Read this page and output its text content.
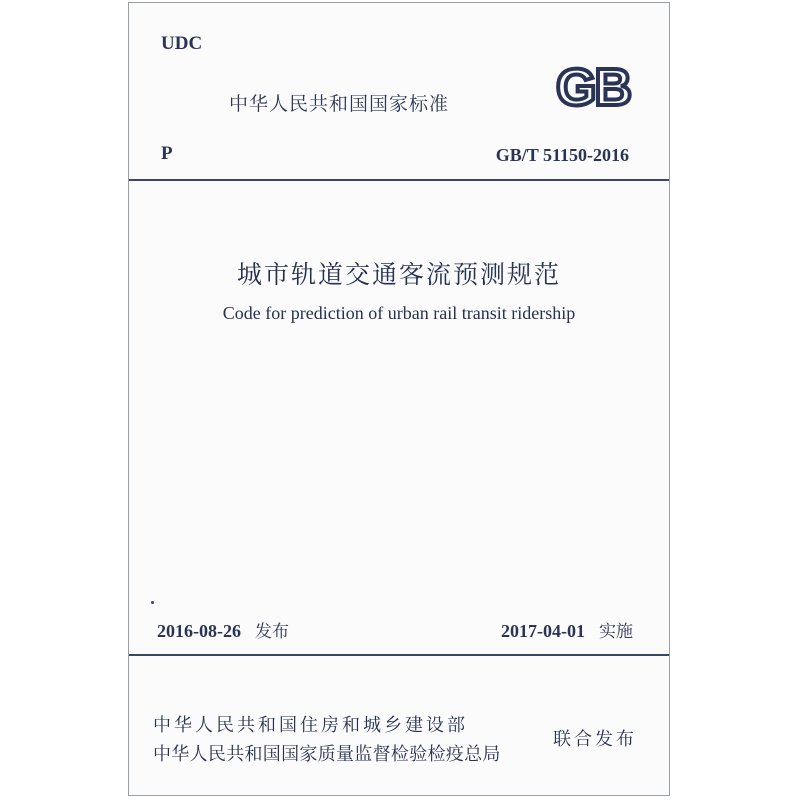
UDC
中华人民共和国国家标准 GB
P	GB/T 51150-2016
城市轨道交通客流预测规范
Code for prediction of urban rail transit ridership
2016-08-26 发布	2017-04-01 实施
中华人民共和国住房和城乡建设部
中华人民共和国国家质量监督检验检疫总局
联合发布
